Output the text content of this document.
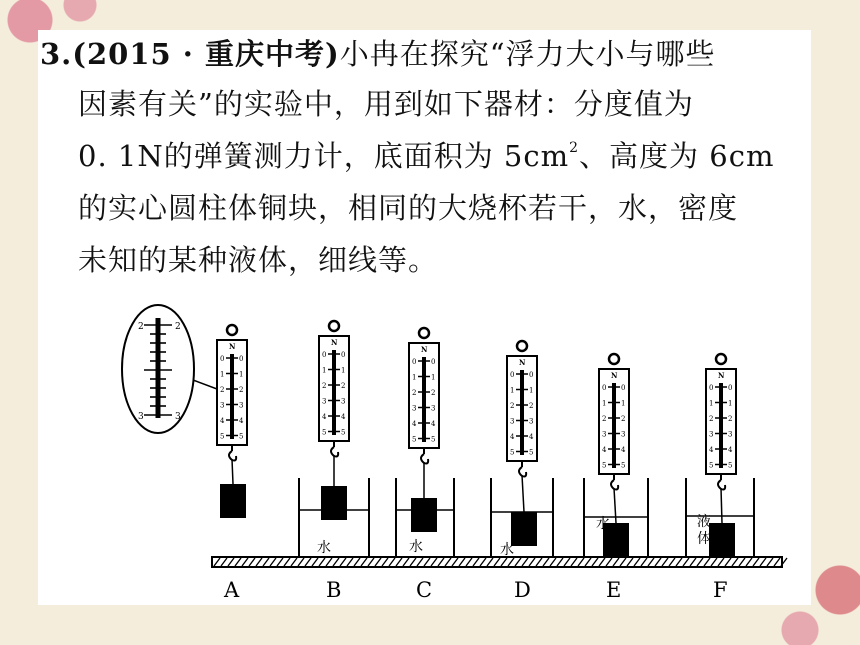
3.(2015 · 重庆中考)小冉在探究“浮力大小与哪些
因素有关”的实验中，用到如下器材：分度值为
0. 1N的弹簧测力计，底面积为 $5cm^2$、高度为 6cm
的实心圆柱体铜块，相同的大烧杯若干，水，密度
未知的某种液体，细线等。
2	2
3	3
N
0 0
1 1
2 2
3 3
4 4
5 5
A
N
0 0
1 1
2 2
3 3
4 4
5 5
水
B
N
0 0
1 1
2 2
3 3
4 4
5 5
水
C
N
0 0
1 1
2 2
3 3
4 4
5 5
水
D
N
0 0
1 1
2 2
3 3
4 4
5 5
水
E
N
0 0
1 1
2 2
3 3
4 4
5 5
液
体
F
